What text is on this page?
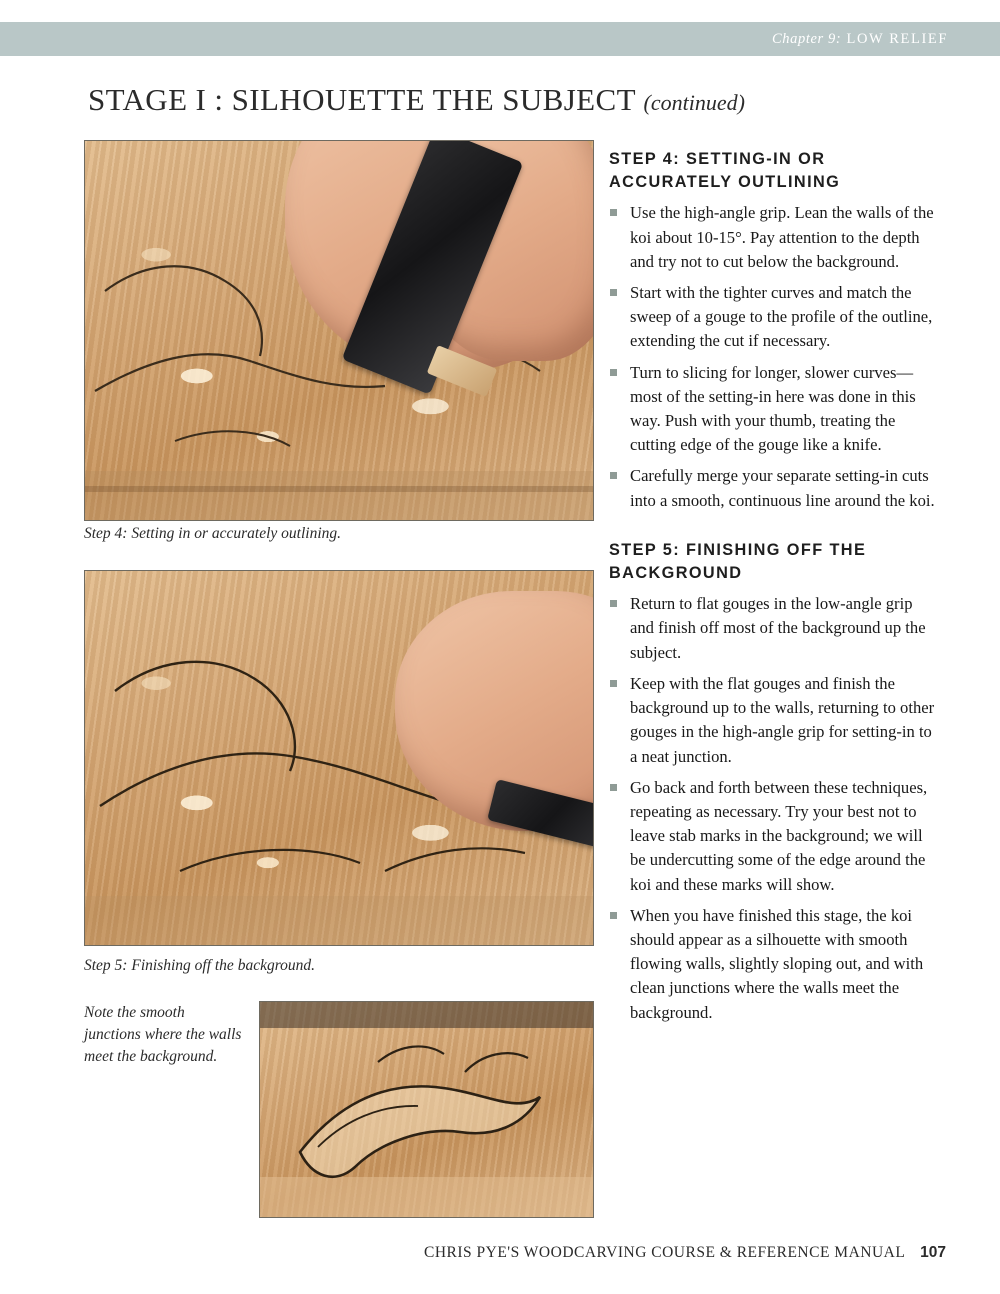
Chapter 9: LOW RELIEF
STAGE I : SILHOUETTE THE SUBJECT (continued)
Step 4: Setting in or accurately outlining.
Step 5: Finishing off the background.
Note the smooth junctions where the walls meet the background.
STEP 4: SETTING-IN OR ACCURATELY OUTLINING
Use the high-angle grip. Lean the walls of the koi about 10-15°. Pay attention to the depth and try not to cut below the background.
Start with the tighter curves and match the sweep of a gouge to the profile of the outline, extending the cut if necessary.
Turn to slicing for longer, slower curves—most of the setting-in here was done in this way. Push with your thumb, treating the cutting edge of the gouge like a knife.
Carefully merge your separate setting-in cuts into a smooth, continuous line around the koi.
STEP 5: FINISHING OFF THE BACKGROUND
Return to flat gouges in the low-angle grip and finish off most of the background up the subject.
Keep with the flat gouges and finish the background up to the walls, returning to other gouges in the high-angle grip for setting-in to a neat junction.
Go back and forth between these techniques, repeating as necessary. Try your best not to leave stab marks in the background; we will be undercutting some of the edge around the koi and these marks will show.
When you have finished this stage, the koi should appear as a silhouette with smooth flowing walls, slightly sloping out, and with clean junctions where the walls meet the background.
CHRIS PYE'S WOODCARVING COURSE & REFERENCE MANUAL 107
